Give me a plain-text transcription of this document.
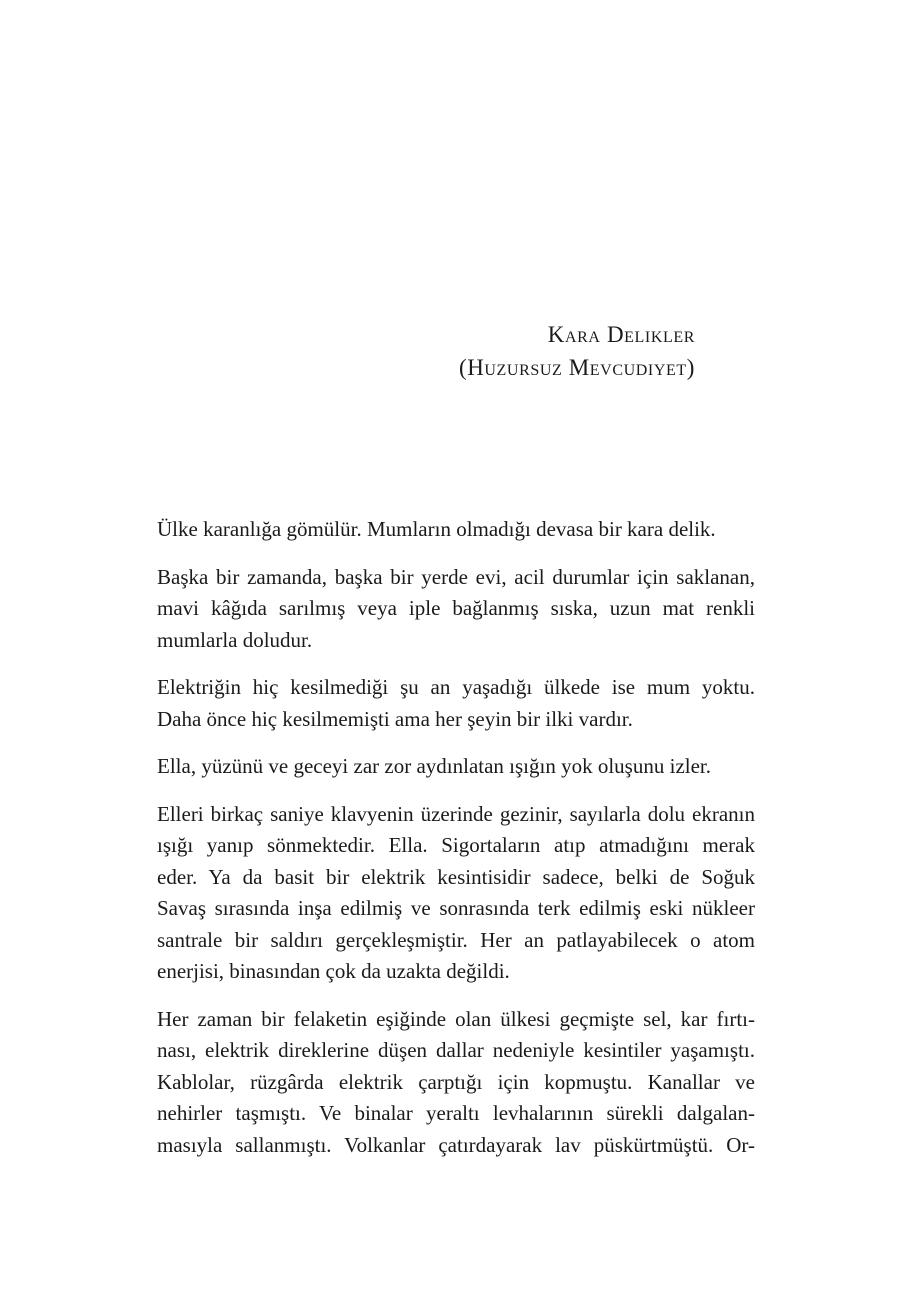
Kara Delikler
(Huzursuz Mevcudiyet)

Ülke karanlığa gömülür. Mumların olmadığı devasa bir kara delik.

Başka bir zamanda, başka bir yerde evi, acil durumlar için saklanan,
mavi kâğıda sarılmış veya iple bağlanmış sıska, uzun mat renkli
mumlarla doludur.

Elektriğin hiç kesilmediği şu an yaşadığı ülkede ise mum yoktu.
Daha önce hiç kesilmemişti ama her şeyin bir ilki vardır.

Ella, yüzünü ve geceyi zar zor aydınlatan ışığın yok oluşunu izler.

Elleri birkaç saniye klavyenin üzerinde gezinir, sayılarla dolu ekranın
ışığı yanıp sönmektedir. Ella. Sigortaların atıp atmadığını merak
eder. Ya da basit bir elektrik kesintisidir sadece, belki de Soğuk
Savaş sırasında inşa edilmiş ve sonrasında terk edilmiş eski nükleer
santrale bir saldırı gerçekleşmiştir. Her an patlayabilecek o atom
enerjisi, binasından çok da uzakta değildi.

Her zaman bir felaketin eşiğinde olan ülkesi geçmişte sel, kar fırtı-
nası, elektrik direklerine düşen dallar nedeniyle kesintiler yaşamıştı.
Kablolar, rüzgârda elektrik çarptığı için kopmuştu. Kanallar ve
nehirler taşmıştı. Ve binalar yeraltı levhalarının sürekli dalgalan-
masıyla sallanmıştı. Volkanlar çatırdayarak lav püskürtmüştü. Or-
